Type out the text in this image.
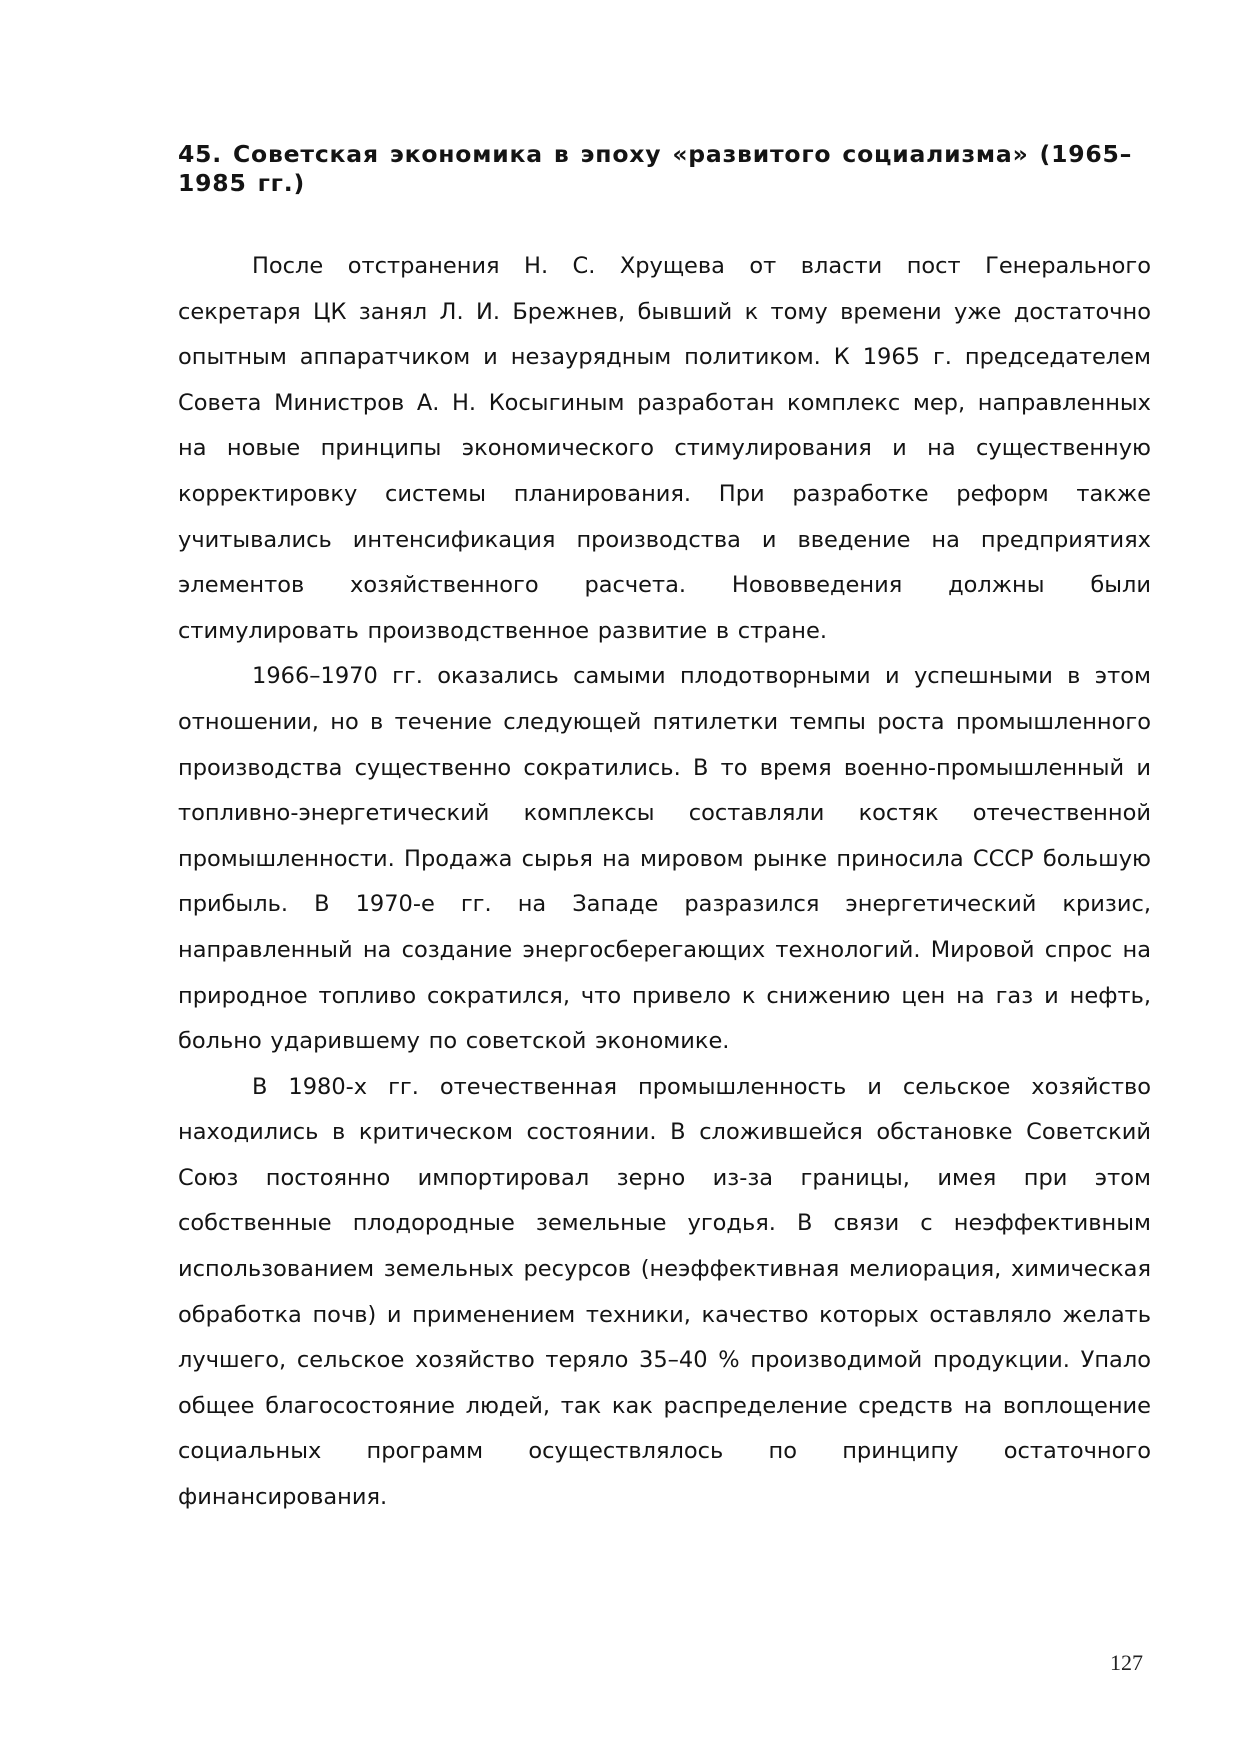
45. Советская экономика в эпоху «развитого социализма» (1965–1985 гг.)

После отстранения Н. С. Хрущева от власти пост Генерального секретаря ЦК занял Л. И. Брежнев, бывший к тому времени уже достаточно опытным аппаратчиком и незаурядным политиком. К 1965 г. председателем Совета Министров А. Н. Косыгиным разработан комплекс мер, направленных на новые принципы экономического стимулирования и на существенную корректировку системы планирования. При разработке реформ также учитывались интенсификация производства и введение на предприятиях элементов хозяйственного расчета. Нововведения должны были стимулировать производственное развитие в стране.

1966–1970 гг. оказались самыми плодотворными и успешными в этом отношении, но в течение следующей пятилетки темпы роста промышленного производства существенно сократились. В то время военно-промышленный и топливно-энергетический комплексы составляли костяк отечественной промышленности. Продажа сырья на мировом рынке приносила СССР большую прибыль. В 1970-е гг. на Западе разразился энергетический кризис, направленный на создание энергосберегающих технологий. Мировой спрос на природное топливо сократился, что привело к снижению цен на газ и нефть, больно ударившему по советской экономике.

В 1980-х гг. отечественная промышленность и сельское хозяйство находились в критическом состоянии. В сложившейся обстановке Советский Союз постоянно импортировал зерно из-за границы, имея при этом собственные плодородные земельные угодья. В связи с неэффективным использованием земельных ресурсов (неэффективная мелиорация, химическая обработка почв) и применением техники, качество которых оставляло желать лучшего, сельское хозяйство теряло 35–40 % производимой продукции. Упало общее благосостояние людей, так как распределение средств на воплощение социальных программ осуществлялось по принципу остаточного финансирования.

127
